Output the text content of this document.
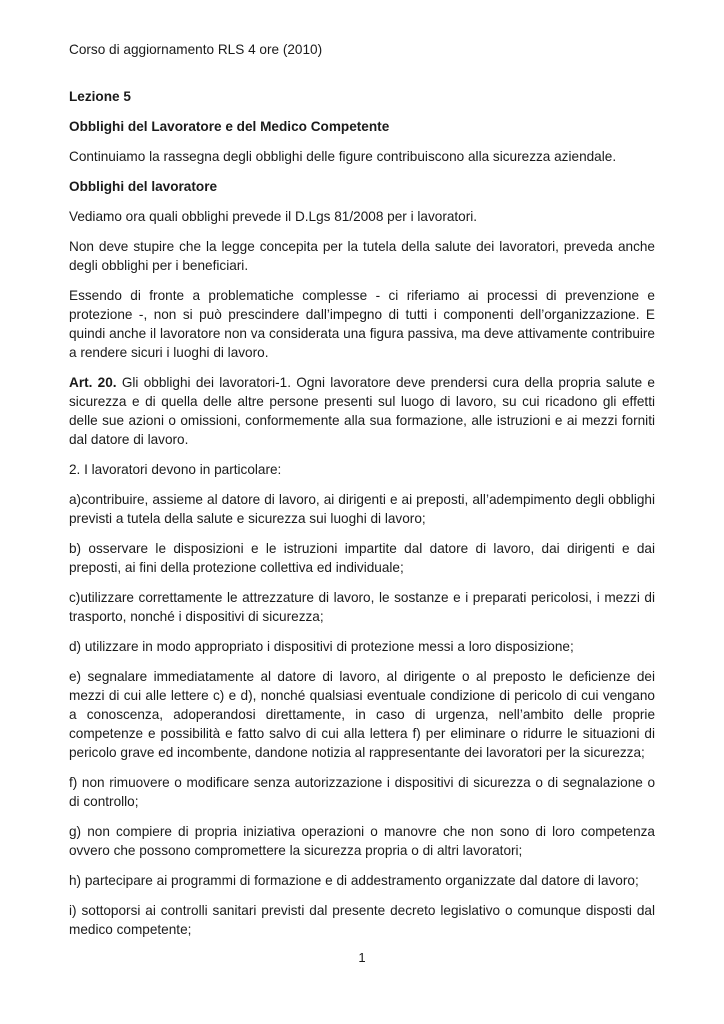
Corso di aggiornamento RLS 4 ore (2010)
Lezione 5
Obblighi del Lavoratore e del Medico Competente

Continuiamo la rassegna degli obblighi delle figure contribuiscono alla sicurezza aziendale.

Obblighi del lavoratore

Vediamo ora quali obblighi prevede il D.Lgs 81/2008 per i lavoratori.

Non deve stupire che la legge concepita per la tutela della salute dei lavoratori, preveda anche degli obblighi per i beneficiari.

Essendo di fronte a problematiche complesse - ci riferiamo ai processi di prevenzione e protezione -, non si può prescindere dall’impegno di tutti i componenti dell’organizzazione. E quindi anche il lavoratore non va considerata una figura passiva, ma deve attivamente contribuire a rendere sicuri i luoghi di lavoro.

Art. 20. Gli obblighi dei lavoratori-1. Ogni lavoratore deve prendersi cura della propria salute e sicurezza e di quella delle altre persone presenti sul luogo di lavoro, su cui ricadono gli effetti delle sue azioni o omissioni, conformemente alla sua formazione, alle istruzioni e ai mezzi forniti dal datore di lavoro.

2. I lavoratori devono in particolare:

a)contribuire, assieme al datore di lavoro, ai dirigenti e ai preposti, all’adempimento degli obblighi previsti a tutela della salute e sicurezza sui luoghi di lavoro;

b) osservare le disposizioni e le istruzioni impartite dal datore di lavoro, dai dirigenti e dai preposti, ai fini della protezione collettiva ed individuale;

c)utilizzare correttamente le attrezzature di lavoro, le sostanze e i preparati pericolosi, i mezzi di trasporto, nonché i dispositivi di sicurezza;

d) utilizzare in modo appropriato i dispositivi di protezione messi a loro disposizione;

e) segnalare immediatamente al datore di lavoro, al dirigente o al preposto le deficienze dei mezzi di cui alle lettere c) e d), nonché qualsiasi eventuale condizione di pericolo di cui vengano a conoscenza, adoperandosi direttamente, in caso di urgenza, nell’ambito delle proprie competenze e possibilità e fatto salvo di cui alla lettera f) per eliminare o ridurre le situazioni di pericolo grave ed incombente, dandone notizia al rappresentante dei lavoratori per la sicurezza;

f) non rimuovere o modificare senza autorizzazione i dispositivi di sicurezza o di segnalazione o di controllo;

g) non compiere di propria iniziativa operazioni o manovre che non sono di loro competenza ovvero che possono compromettere la sicurezza propria o di altri lavoratori;

h) partecipare ai programmi di formazione e di addestramento organizzate dal datore di lavoro;

i) sottoporsi ai controlli sanitari previsti dal presente decreto legislativo o comunque disposti dal medico competente;

1
